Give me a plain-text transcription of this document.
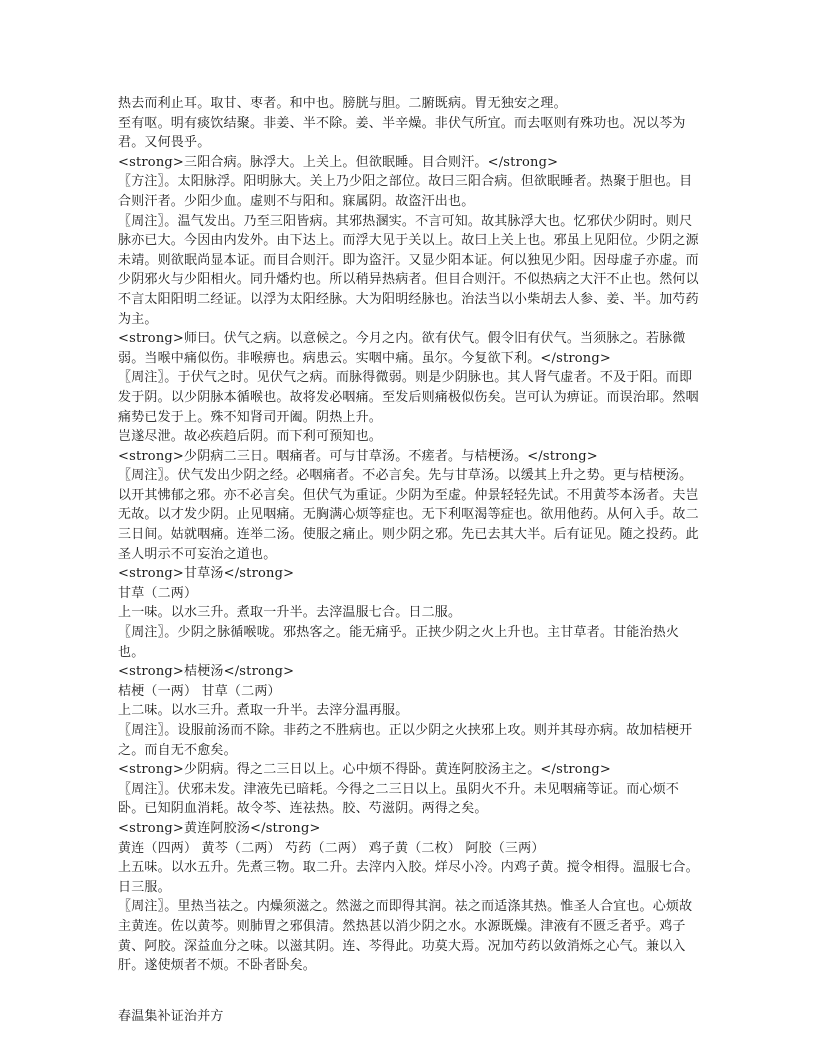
热去而利止耳。取甘、枣者。和中也。膀胱与胆。二腑既病。胃无独安之理。
至有呕。明有痰饮结聚。非姜、半不除。姜、半辛燥。非伏气所宜。而去呕则有殊功也。况以芩为君。又何畏乎。
<strong>三阳合病。脉浮大。上关上。但欲眠睡。目合则汗。</strong>
〖方注〗。太阳脉浮。阳明脉大。关上乃少阳之部位。故曰三阳合病。但欲眠睡者。热聚于胆也。目合则汗者。少阳少血。虚则不与阳和。寐属阴。故盗汗出也。
〖周注〗。温气发出。乃至三阳皆病。其邪热溷实。不言可知。故其脉浮大也。忆邪伏少阴时。则尺脉亦已大。今因由内发外。由下达上。而浮大见于关以上。故曰上关上也。邪虽上见阳位。少阴之源未靖。则欲眠尚显本证。而目合则汗。即为盗汗。又显少阳本证。何以独见少阳。因母虚子亦虚。而少阴邪火与少阳相火。同升燔灼也。所以稍异热病者。但目合则汗。不似热病之大汗不止也。然何以不言太阳阳明二经证。以浮为太阳经脉。大为阳明经脉也。治法当以小柴胡去人参、姜、半。加芍药为主。
<strong>师曰。伏气之病。以意候之。今月之内。欲有伏气。假令旧有伏气。当须脉之。若脉微弱。当喉中痛似伤。非喉痹也。病患云。实咽中痛。虽尔。今复欲下利。</strong>
〖周注〗。于伏气之时。见伏气之病。而脉得微弱。则是少阴脉也。其人肾气虚者。不及于阳。而即发于阴。以少阴脉本循喉也。故将发必咽痛。至发后则痛极似伤矣。岂可认为痹证。而误治耶。然咽痛势已发于上。殊不知肾司开阖。阴热上升。
岂遂尽泄。故必疾趋后阴。而下利可预知也。
<strong>少阴病二三日。咽痛者。可与甘草汤。不瘥者。与桔梗汤。</strong>
〖周注〗。伏气发出少阴之经。必咽痛者。不必言矣。先与甘草汤。以缓其上升之势。更与桔梗汤。以开其怫郁之邪。亦不必言矣。但伏气为重证。少阴为至虚。仲景轻轻先试。不用黄芩本汤者。夫岂无故。以才发少阴。止见咽痛。无胸满心烦等症也。无下利呕渴等症也。欲用他药。从何入手。故二三日间。姑就咽痛。连举二汤。使服之痛止。则少阴之邪。先已去其大半。后有证见。随之投药。此圣人明示不可妄治之道也。
<strong>甘草汤</strong>
甘草（二两）
上一味。以水三升。煮取一升半。去滓温服七合。日二服。
〖周注〗。少阴之脉循喉咙。邪热客之。能无痛乎。正挟少阴之火上升也。主甘草者。甘能治热火也。
<strong>桔梗汤</strong>
桔梗（一两） 甘草（二两）
上二味。以水三升。煮取一升半。去滓分温再服。
〖周注〗。设服前汤而不除。非药之不胜病也。正以少阴之火挟邪上攻。则并其母亦病。故加桔梗开之。而自无不愈矣。
<strong>少阴病。得之二三日以上。心中烦不得卧。黄连阿胶汤主之。</strong>
〖周注〗。伏邪未发。津液先已暗耗。今得之二三日以上。虽阴火不升。未见咽痛等证。而心烦不卧。已知阴血消耗。故令芩、连祛热。胶、芍滋阴。两得之矣。
<strong>黄连阿胶汤</strong>
黄连（四两） 黄芩（二两） 芍药（二两） 鸡子黄（二枚） 阿胶（三两）
上五味。以水五升。先煮三物。取二升。去滓内入胶。烊尽小冷。内鸡子黄。搅令相得。温服七合。日三服。
〖周注〗。里热当祛之。内燥须滋之。然滋之而即得其润。祛之而适涤其热。惟圣人合宜也。心烦故主黄连。佐以黄芩。则肺胃之邪俱清。然热甚以消少阴之水。水源既燥。津液有不匮乏者乎。鸡子黄、阿胶。深益血分之味。以滋其阴。连、芩得此。功莫大焉。况加芍药以敛消烁之心气。兼以入肝。遂使烦者不烦。不卧者卧矣。
春温集补证治并方
